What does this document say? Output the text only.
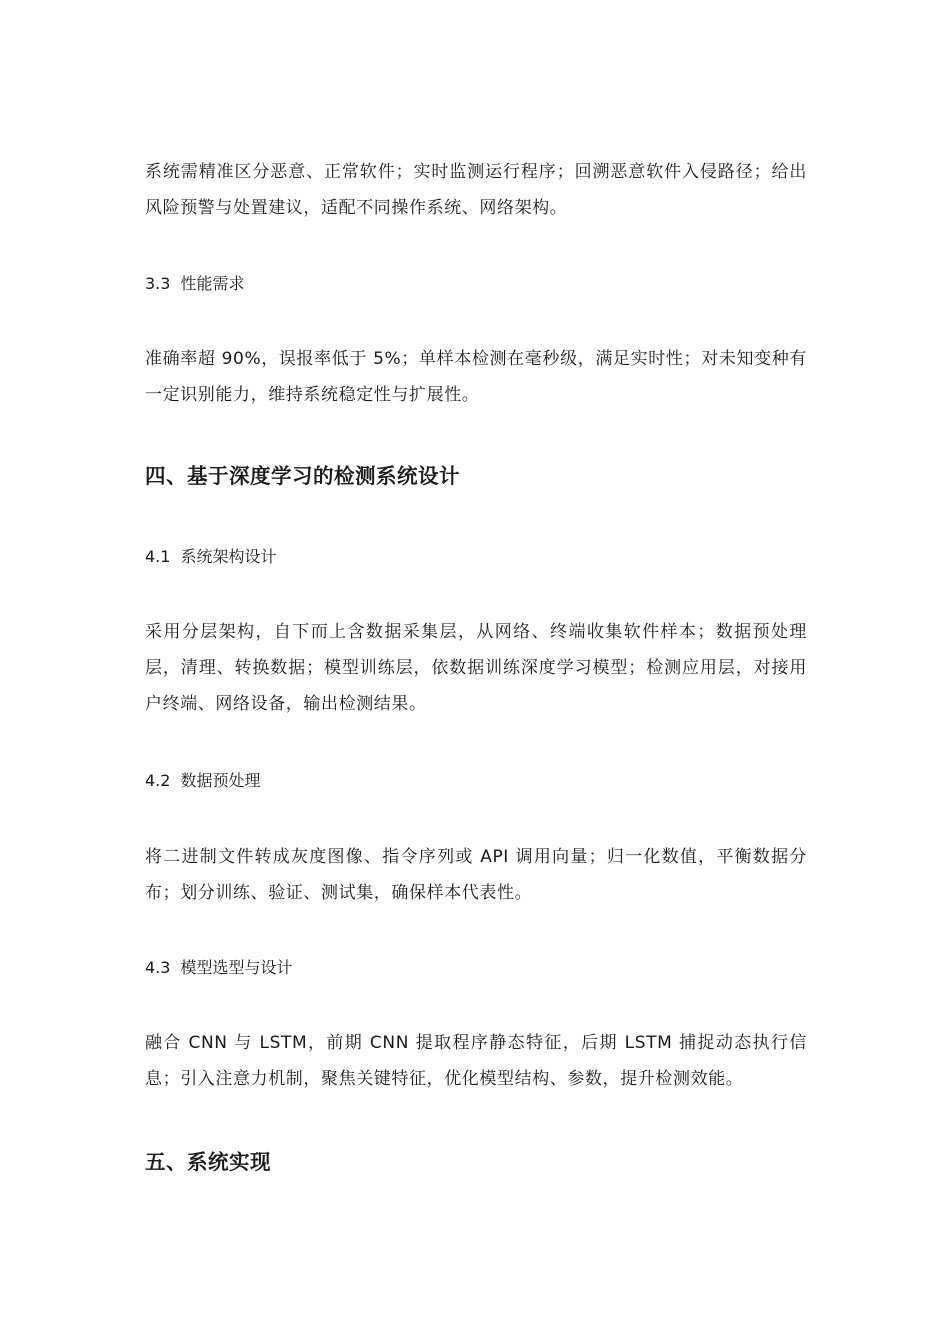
系统需精准区分恶意、正常软件；实时监测运行程序；回溯恶意软件入侵路径；给出风险预警与处置建议，适配不同操作系统、网络架构。

3.3 性能需求

准确率超 90%，误报率低于 5%；单样本检测在毫秒级，满足实时性；对未知变种有一定识别能力，维持系统稳定性与扩展性。

四、基于深度学习的检测系统设计
4.1 系统架构设计

采用分层架构，自下而上含数据采集层，从网络、终端收集软件样本；数据预处理层，清理、转换数据；模型训练层，依数据训练深度学习模型；检测应用层，对接用户终端、网络设备，输出检测结果。

4.2 数据预处理

将二进制文件转成灰度图像、指令序列或 API 调用向量；归一化数值，平衡数据分布；划分训练、验证、测试集，确保样本代表性。

4.3 模型选型与设计

融合 CNN 与 LSTM，前期 CNN 提取程序静态特征，后期 LSTM 捕捉动态执行信息；引入注意力机制，聚焦关键特征，优化模型结构、参数，提升检测效能。

五、系统实现
